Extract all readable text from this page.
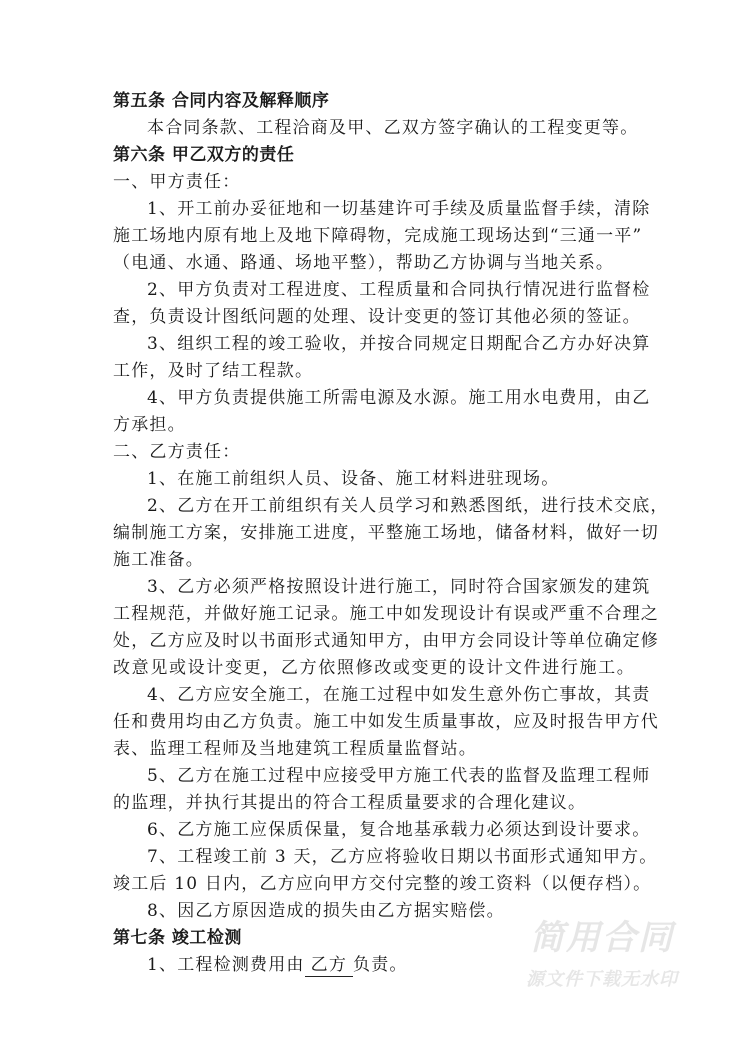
第五条 合同内容及解释顺序
本合同条款、工程洽商及甲、乙双方签字确认的工程变更等。
第六条 甲乙双方的责任
一、甲方责任：
1、开工前办妥征地和一切基建许可手续及质量监督手续，清除
施工场地内原有地上及地下障碍物，完成施工现场达到“三通一平”
（电通、水通、路通、场地平整），帮助乙方协调与当地关系。
2、甲方负责对工程进度、工程质量和合同执行情况进行监督检
查，负责设计图纸问题的处理、设计变更的签订其他必须的签证。
3、组织工程的竣工验收，并按合同规定日期配合乙方办好决算
工作，及时了结工程款。
4、甲方负责提供施工所需电源及水源。施工用水电费用，由乙
方承担。
二、乙方责任：
1、在施工前组织人员、设备、施工材料进驻现场。
2、乙方在开工前组织有关人员学习和熟悉图纸，进行技术交底，
编制施工方案，安排施工进度，平整施工场地，储备材料，做好一切
施工准备。
3、乙方必须严格按照设计进行施工，同时符合国家颁发的建筑
工程规范，并做好施工记录。施工中如发现设计有误或严重不合理之
处，乙方应及时以书面形式通知甲方，由甲方会同设计等单位确定修
改意见或设计变更，乙方依照修改或变更的设计文件进行施工。
4、乙方应安全施工，在施工过程中如发生意外伤亡事故，其责
任和费用均由乙方负责。施工中如发生质量事故，应及时报告甲方代
表、监理工程师及当地建筑工程质量监督站。
5、乙方在施工过程中应接受甲方施工代表的监督及监理工程师
的监理，并执行其提出的符合工程质量要求的合理化建议。
6、乙方施工应保质保量，复合地基承载力必须达到设计要求。
7、工程竣工前 3 天，乙方应将验收日期以书面形式通知甲方。
竣工后 10 日内，乙方应向甲方交付完整的竣工资料（以便存档）。
8、因乙方原因造成的损失由乙方据实赔偿。
第七条 竣工检测
1、工程检测费用由 乙方 负责。
简用合同
源文件下载无水印
